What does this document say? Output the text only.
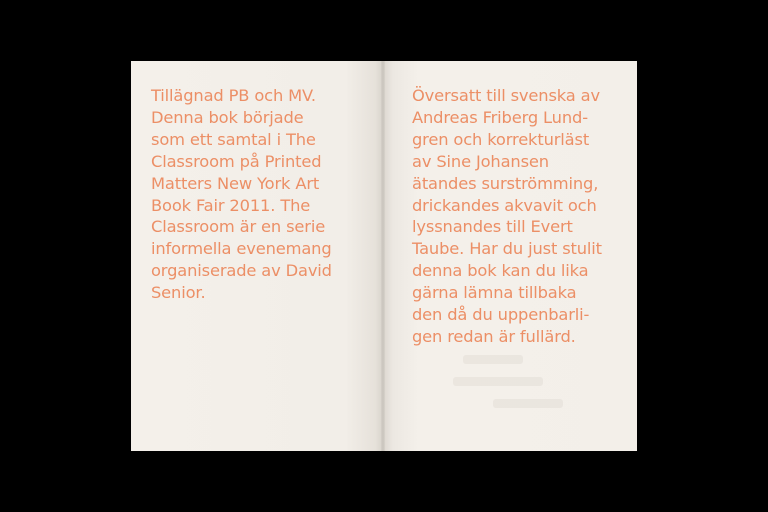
Tillägnad PB och MV.
Denna bok började
som ett samtal i The
Classroom på Printed
Matters New York Art
Book Fair 2011. The
Classroom är en serie
informella evenemang
organiserade av David
Senior.
Översatt till svenska av
Andreas Friberg Lund-
gren och korrekturläst
av Sine Johansen
ätandes surströmming,
drickandes akvavit och
lyssnandes till Evert
Taube. Har du just stulit
denna bok kan du lika
gärna lämna tillbaka
den då du uppenbarli-
gen redan är fullärd.
